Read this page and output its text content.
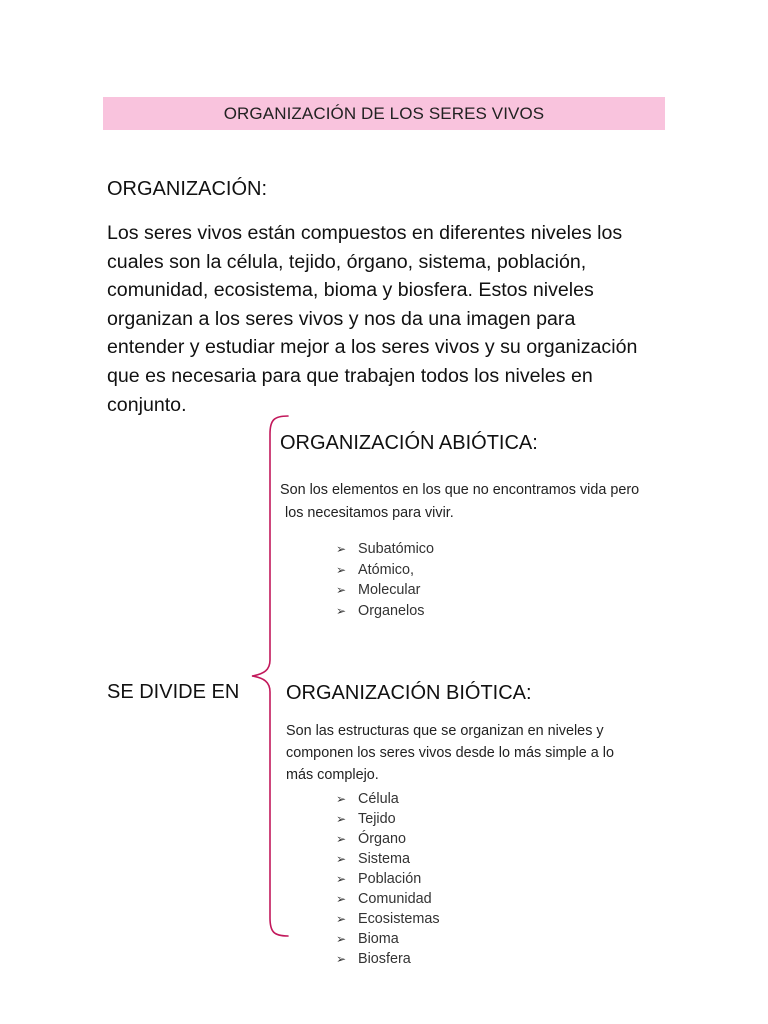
ORGANIZACIÓN DE LOS SERES VIVOS
ORGANIZACIÓN:

Los seres vivos están compuestos en diferentes niveles los
cuales son la célula, tejido, órgano, sistema, población,
comunidad, ecosistema, bioma y biosfera. Estos niveles
organizan a los seres vivos y nos da una imagen para
entender y estudiar mejor a los seres vivos y su organización
que es necesaria para que trabajen todos los niveles en
conjunto.

SE DIVIDE EN
ORGANIZACIÓN ABIÓTICA:

Son los elementos en los que no encontramos vida pero
los necesitamos para vivir.

➢ Subatómico
➢ Atómico,
➢ Molecular
➢ Organelos
ORGANIZACIÓN BIÓTICA:

Son las estructuras que se organizan en niveles y
componen los seres vivos desde lo más simple a lo
más complejo.

➢ Célula
➢ Tejido
➢ Órgano
➢ Sistema
➢ Población
➢ Comunidad
➢ Ecosistemas
➢ Bioma
➢ Biosfera
